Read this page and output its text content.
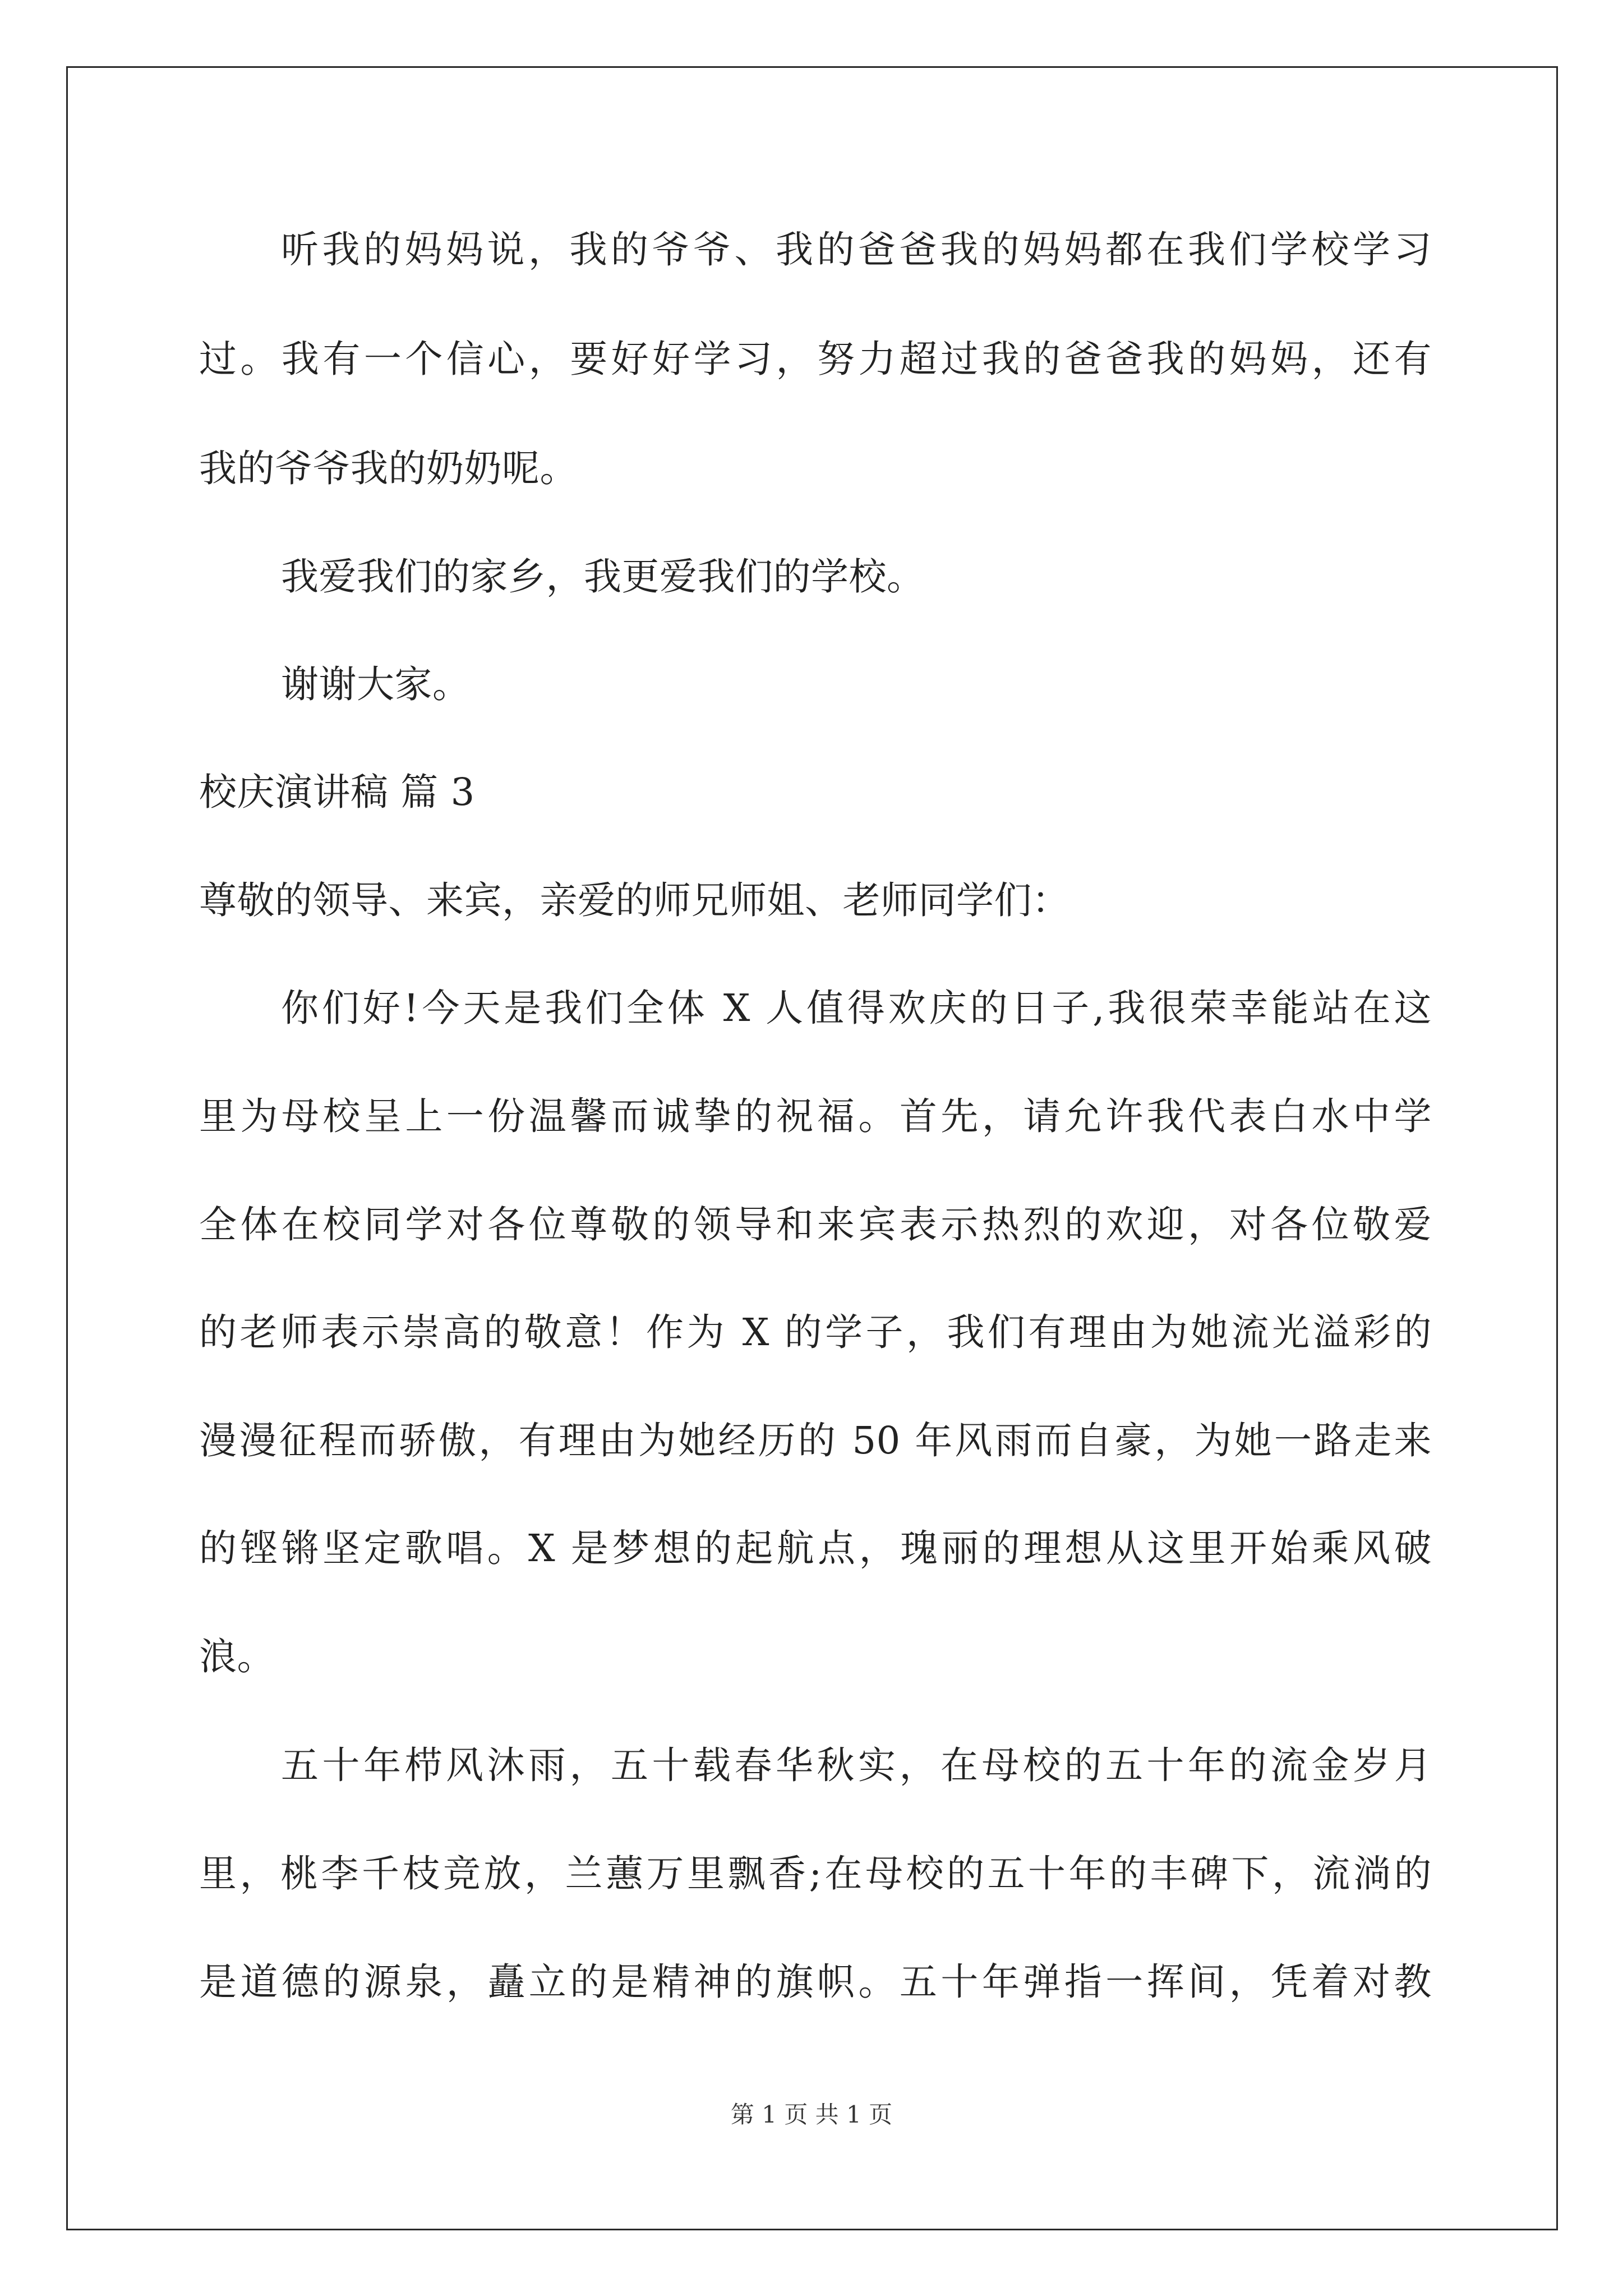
听我的妈妈说，我的爷爷、我的爸爸我的妈妈都在我们学校学习
过。我有一个信心，要好好学习，努力超过我的爸爸我的妈妈，还有
我的爷爷我的奶奶呢。
我爱我们的家乡，我更爱我们的学校。
谢谢大家。
校庆演讲稿 篇 3
尊敬的领导、来宾，亲爱的师兄师姐、老师同学们：
你们好!今天是我们全体 X 人值得欢庆的日子,我很荣幸能站在这
里为母校呈上一份温馨而诚挚的祝福。首先，请允许我代表白水中学
全体在校同学对各位尊敬的领导和来宾表示热烈的欢迎，对各位敬爱
的老师表示崇高的敬意！作为 X 的学子，我们有理由为她流光溢彩的
漫漫征程而骄傲，有理由为她经历的 50 年风雨而自豪，为她一路走来
的铿锵坚定歌唱。X 是梦想的起航点，瑰丽的理想从这里开始乘风破
浪。
五十年栉风沐雨，五十载春华秋实，在母校的五十年的流金岁月
里，桃李千枝竞放，兰蕙万里飘香;在母校的五十年的丰碑下，流淌的
是道德的源泉，矗立的是精神的旗帜。五十年弹指一挥间，凭着对教
第 1 页 共 1 页
